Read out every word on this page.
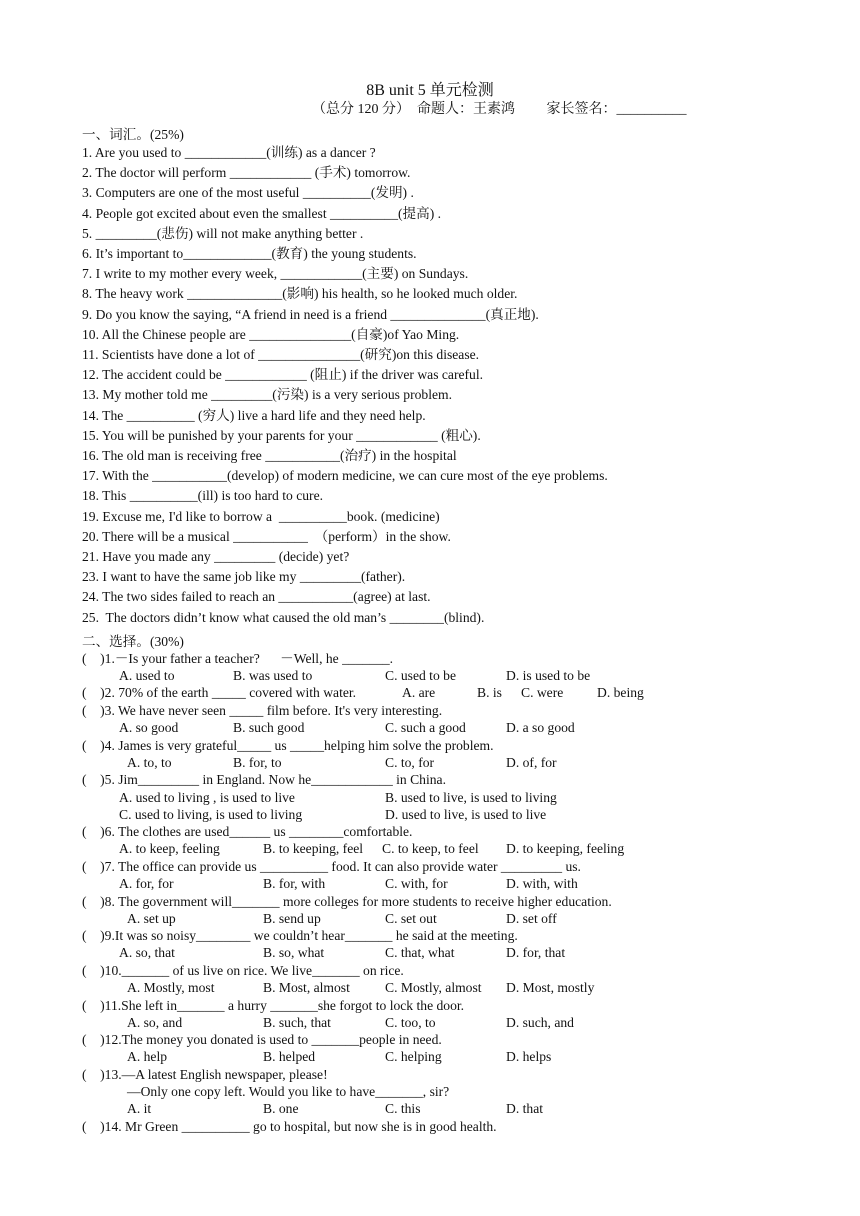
8B unit 5 单元检测
（总分 120 分）  命题人：王素鸿         家长签名：__________
一、词汇。(25%)
1. Are you used to ____________(训练) as a dancer ?
2. The doctor will perform ____________ (手术) tomorrow.
3. Computers are one of the most useful __________(发明) .
4. People got excited about even the smallest __________(提高) .
5. _________(悲伤) will not make anything better .
6. It’s important to_____________(教育) the young students.
7. I write to my mother every week, ____________(主要) on Sundays.
8. The heavy work ______________(影响) his health, so he looked much older.
9. Do you know the saying, “A friend in need is a friend ______________(真正地).
10. All the Chinese people are _______________(自豪)of Yao Ming.
11. Scientists have done a lot of _______________(研究)on this disease.
12. The accident could be ____________ (阻止) if the driver was careful.
13. My mother told me _________(污染) is a very serious problem.
14. The __________ (穷人) live a hard life and they need help.
15. You will be punished by your parents for your ____________ (粗心).
16. The old man is receiving free ___________(治疗) in the hospital
17. With the ___________(develop) of modern medicine, we can cure most of the eye problems.
18. This __________(ill) is too hard to cure.
19. Excuse me, I'd like to borrow a  __________book. (medicine)
20. There will be a musical ___________  （perform）in the show.
21. Have you made any _________ (decide) yet?
23. I want to have the same job like my _________(father).
24. The two sides failed to reach an ___________(agree) at last.
25.  The doctors didn’t know what caused the old man’s ________(blind).
二、选择。(30%)
(    )1.－Is your father a teacher?      －Well, he _______.
A. used to	B. was used to	C. used to be	D. is used to be
(    )2. 70% of the earth _____ covered with water.	A. are	B. is C. were D. being
(    )3. We have never seen _____ film before. It's very interesting.
A. so good	B. such good	C. such a good	D. a so good
(    )4. James is very grateful_____ us _____helping him solve the problem.
A. to, to	B. for, to	C. to, for	D. of, for
(    )5. Jim_________ in England. Now he____________ in China.
A. used to living , is used to live	B. used to live, is used to living
C. used to living, is used to living	D. used to live, is used to live
(    )6. The clothes are used______ us ________comfortable.
A. to keep, feeling	B. to keeping, feel C. to keep, to feel D. to keeping, feeling
(    )7. The office can provide us __________ food. It can also provide water _________ us.
A. for, for	B. for, with	C. with, for	D. with, with
(    )8. The government will_______ more colleges for more students to receive higher education.
A. set up	B. send up	C. set out	D. set off
(    )9.It was so noisy________ we couldn’t hear_______ he said at the meeting.
A. so, that	B. so, what	C. that, what	D. for, that
(    )10._______ of us live on rice. We live_______ on rice.
A. Mostly, most	B. Most, almost	C. Mostly, almost D. Most, mostly
(    )11.She left in_______ a hurry _______she forgot to lock the door.
A. so, and	B. such, that	C. too, to	D. such, and
(    )12.The money you donated is used to _______people in need.
A. help	B. helped	C. helping	D. helps
(    )13.—A latest English newspaper, please!
—Only one copy left. Would you like to have_______, sir?
A. it	B. one	C. this	D. that
(    )14. Mr Green __________ go to hospital, but now she is in good health.
